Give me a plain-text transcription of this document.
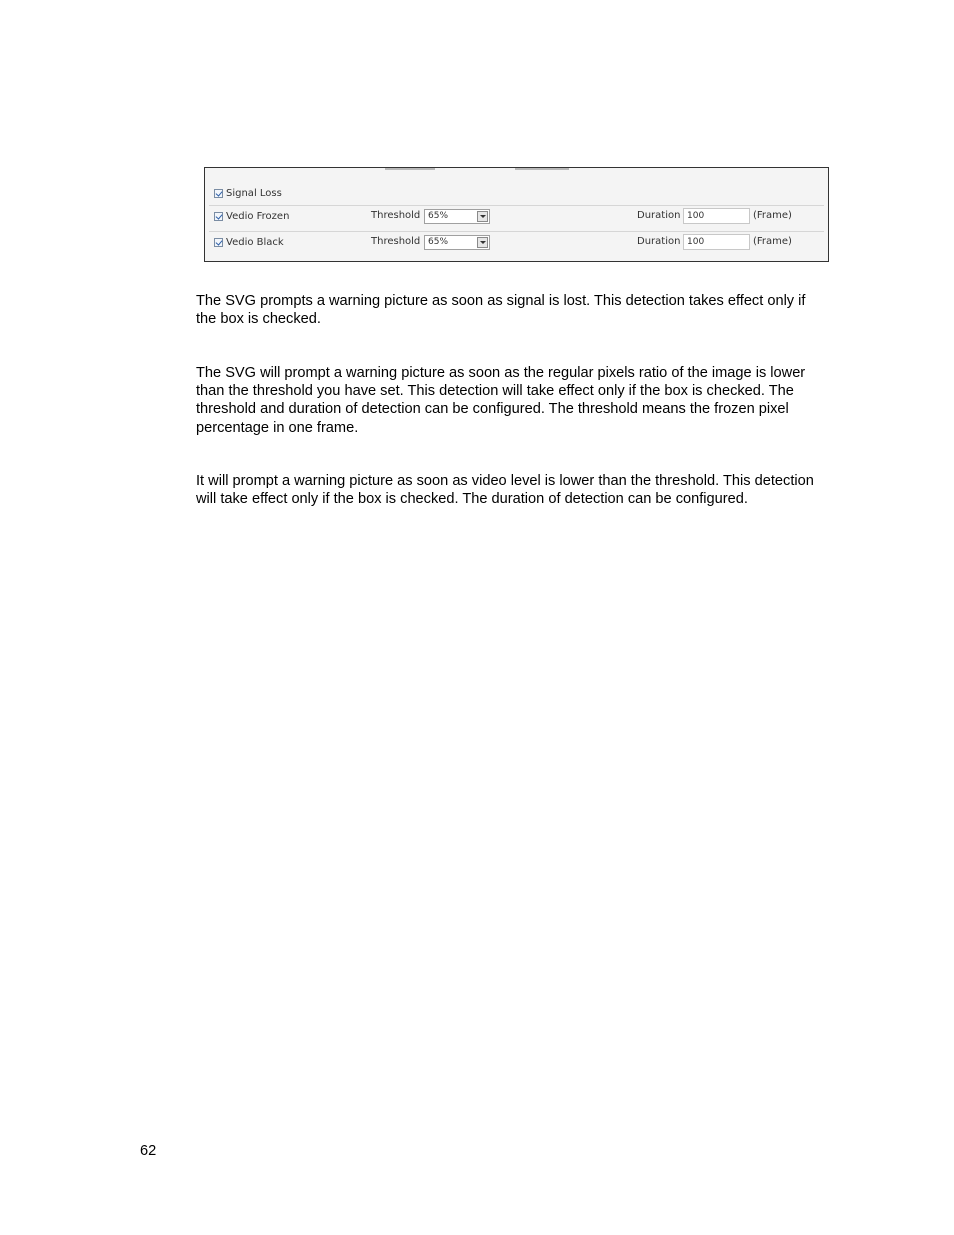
Signal Loss
Vedio Frozen	Threshold 65%	Duration 100	(Frame)
Vedio Black	Threshold 65%	Duration 100	(Frame)

The SVG prompts a warning picture as soon as signal is lost. This detection takes effect only if the box is checked.

The SVG will prompt a warning picture as soon as the regular pixels ratio of the image is lower than the threshold you have set. This detection will take effect only if the box is checked. The threshold and duration of detection can be configured. The threshold means the frozen pixel percentage in one frame.

It will prompt a warning picture as soon as video level is lower than the threshold. This detection will take effect only if the box is checked. The duration of detection can be configured.

62
